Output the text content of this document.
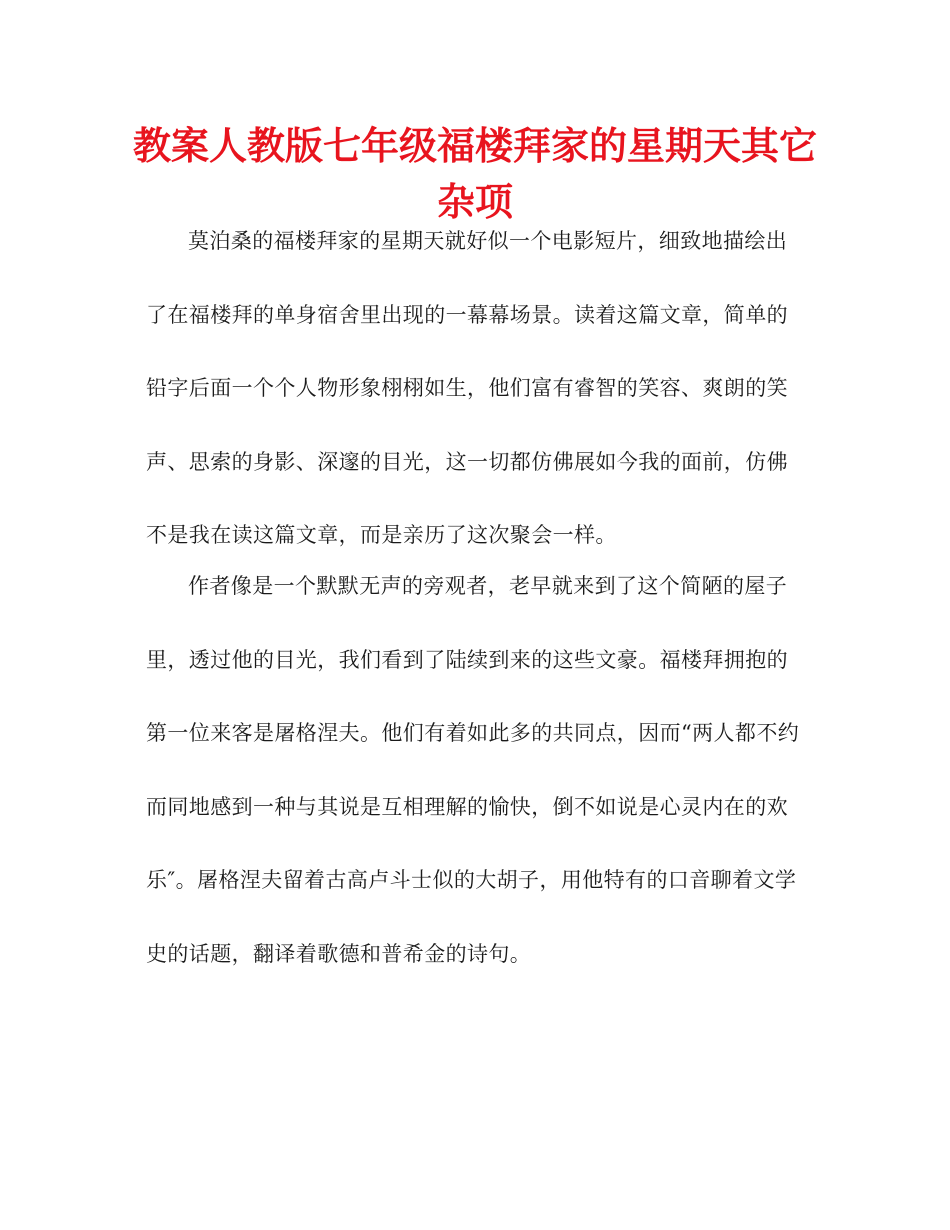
教案人教版七年级福楼拜家的星期天其它杂项

莫泊桑的福楼拜家的星期天就好似一个电影短片，细致地描绘出了在福楼拜的单身宿舍里出现的一幕幕场景。读着这篇文章，简单的铅字后面一个个人物形象栩栩如生，他们富有睿智的笑容、爽朗的笑声、思索的身影、深邃的目光，这一切都仿佛展如今我的面前，仿佛不是我在读这篇文章，而是亲历了这次聚会一样。

作者像是一个默默无声的旁观者，老早就来到了这个简陋的屋子里，透过他的目光，我们看到了陆续到来的这些文豪。福楼拜拥抱的第一位来客是屠格涅夫。他们有着如此多的共同点，因而“两人都不约而同地感到一种与其说是互相理解的愉快，倒不如说是心灵内在的欢乐″。屠格涅夫留着古高卢斗士似的大胡子，用他特有的口音聊着文学史的话题，翻译着歌德和普希金的诗句。
